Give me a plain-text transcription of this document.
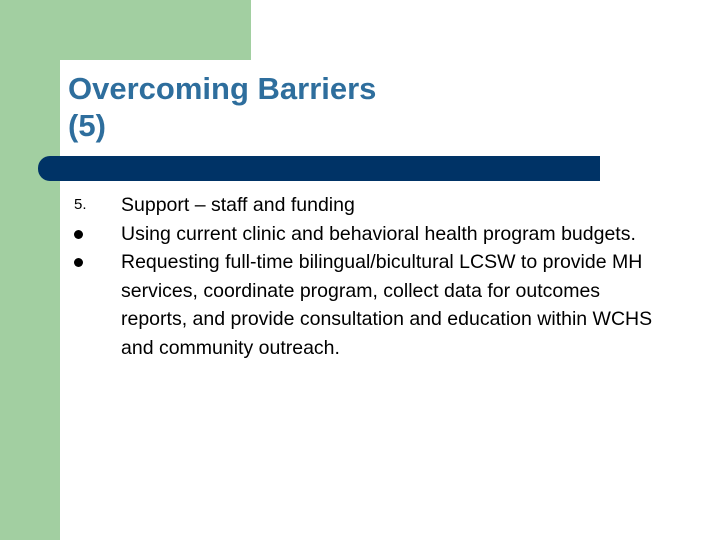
Overcoming Barriers
(5)
5.	Support – staff and funding
Using current clinic and behavioral health program budgets.
Requesting full-time bilingual/bicultural LCSW to provide MH services, coordinate program, collect data for outcomes reports, and provide consultation and education within WCHS and community outreach.
